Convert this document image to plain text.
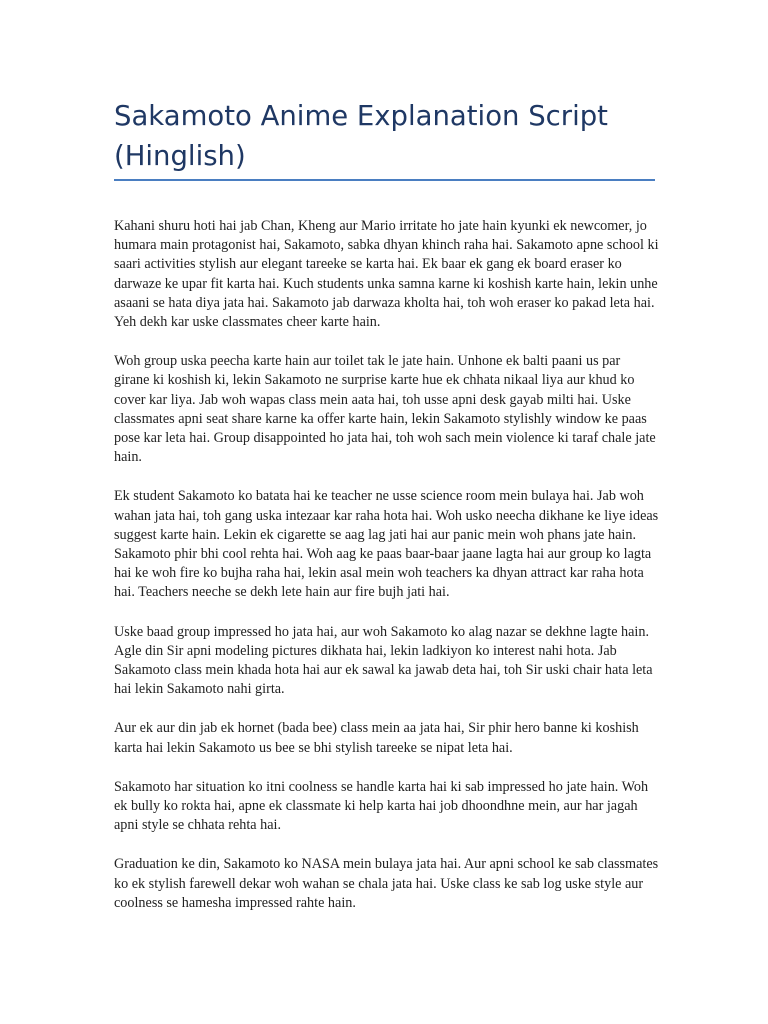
Sakamoto Anime Explanation Script (Hinglish)

Kahani shuru hoti hai jab Chan, Kheng aur Mario irritate ho jate hain kyunki ek newcomer, jo humara main protagonist hai, Sakamoto, sabka dhyan khinch raha hai. Sakamoto apne school ki saari activities stylish aur elegant tareeke se karta hai. Ek baar ek gang ek board eraser ko darwaze ke upar fit karta hai. Kuch students unka samna karne ki koshish karte hain, lekin unhe asaani se hata diya jata hai. Sakamoto jab darwaza kholta hai, toh woh eraser ko pakad leta hai. Yeh dekh kar uske classmates cheer karte hain.

Woh group uska peecha karte hain aur toilet tak le jate hain. Unhone ek balti paani us par girane ki koshish ki, lekin Sakamoto ne surprise karte hue ek chhata nikaal liya aur khud ko cover kar liya. Jab woh wapas class mein aata hai, toh usse apni desk gayab milti hai. Uske classmates apni seat share karne ka offer karte hain, lekin Sakamoto stylishly window ke paas pose kar leta hai. Group disappointed ho jata hai, toh woh sach mein violence ki taraf chale jate hain.

Ek student Sakamoto ko batata hai ke teacher ne usse science room mein bulaya hai. Jab woh wahan jata hai, toh gang uska intezaar kar raha hota hai. Woh usko neecha dikhane ke liye ideas suggest karte hain. Lekin ek cigarette se aag lag jati hai aur panic mein woh phans jate hain. Sakamoto phir bhi cool rehta hai. Woh aag ke paas baar-baar jaane lagta hai aur group ko lagta hai ke woh fire ko bujha raha hai, lekin asal mein woh teachers ka dhyan attract kar raha hota hai. Teachers neeche se dekh lete hain aur fire bujh jati hai.

Uske baad group impressed ho jata hai, aur woh Sakamoto ko alag nazar se dekhne lagte hain. Agle din Sir apni modeling pictures dikhata hai, lekin ladkiyon ko interest nahi hota. Jab Sakamoto class mein khada hota hai aur ek sawal ka jawab deta hai, toh Sir uski chair hata leta hai lekin Sakamoto nahi girta.

Aur ek aur din jab ek hornet (bada bee) class mein aa jata hai, Sir phir hero banne ki koshish karta hai lekin Sakamoto us bee se bhi stylish tareeke se nipat leta hai.

Sakamoto har situation ko itni coolness se handle karta hai ki sab impressed ho jate hain. Woh ek bully ko rokta hai, apne ek classmate ki help karta hai job dhoondhne mein, aur har jagah apni style se chhata rehta hai.

Graduation ke din, Sakamoto ko NASA mein bulaya jata hai. Aur apni school ke sab classmates ko ek stylish farewell dekar woh wahan se chala jata hai. Uske class ke sab log uske style aur coolness se hamesha impressed rahte hain.
